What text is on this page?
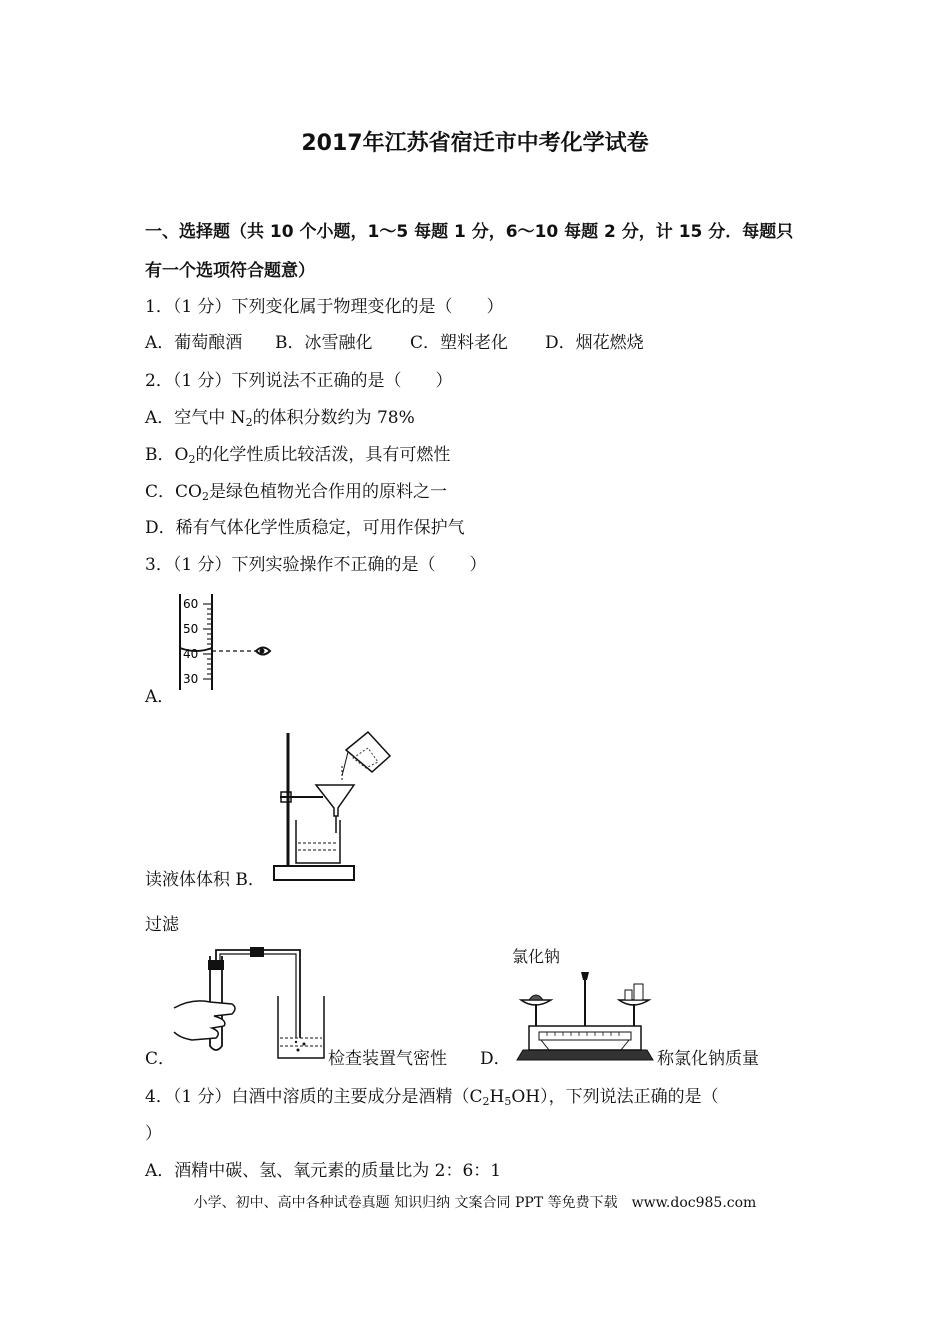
2017年江苏省宿迁市中考化学试卷
一、选择题（共 10 个小题，1～5 每题 1 分，6～10 每题 2 分，计 15 分．每题只
有一个选项符合题意）
1．（1 分）下列变化属于物理变化的是（　　）
A．葡萄酿酒 B．冰雪融化 C．塑料老化 D．烟花燃烧
2．（1 分）下列说法不正确的是（　　）
A．空气中 $N_2$的体积分数约为 78%
B．$O_2$的化学性质比较活泼，具有可燃性
C．$CO_2$是绿色植物光合作用的原料之一
D．稀有气体化学性质稳定，可用作保护气
3．（1 分）下列实验操作不正确的是（　　）
60
50
40
30
A．
读液体体积 B．
过滤
C．	检查装置气密性 D．
氯化钠
称氯化钠质量
4．（1 分）白酒中溶质的主要成分是酒精$(C_2H_5OH)$，下列说法正确的是（
）
A．酒精中碳、氢、氧元素的质量比为 2：6：1
小学、初中、高中各种试卷真题 知识归纳 文案合同 PPT 等免费下载　www.doc985.com
